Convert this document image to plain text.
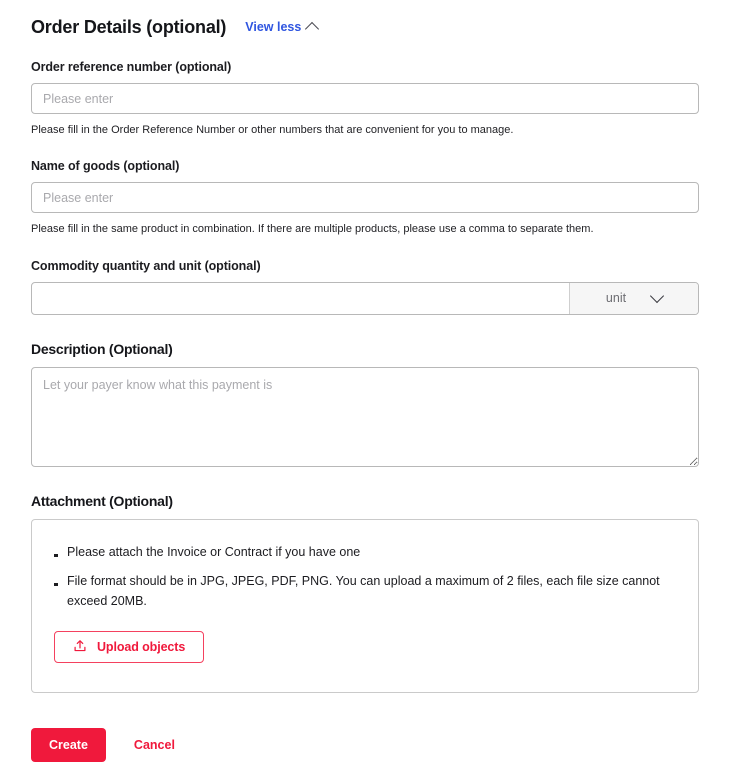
Order Details (optional) View less
Order reference number (optional)
Please enter
Please fill in the Order Reference Number or other numbers that are convenient for you to manage.
Name of goods (optional)
Please enter
Please fill in the same product in combination. If there are multiple products, please use a comma to separate them.
Commodity quantity and unit (optional)
unit
Description (Optional)
Let your payer know what this payment is
Attachment (Optional)
Please attach the Invoice or Contract if you have one
File format should be in JPG, JPEG, PDF, PNG. You can upload a maximum of 2 files, each file size cannot exceed 20MB.
Upload objects
Create	Cancel
